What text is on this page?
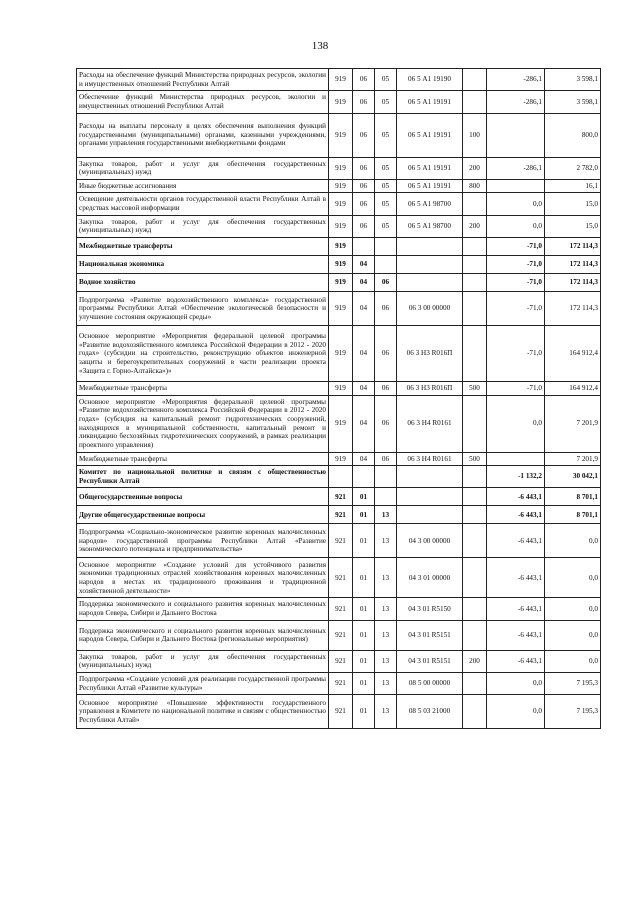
138
Расходы на обеспечение функций Министерства природных ресурсов, экологии и имущественных отношений Республики Алтай	919	06	05	06 5 А1 19190		-286,1	3 598,1
Обеспечение функций Министерства природных ресурсов, экологии и имущественных отношений Республики Алтай	919	06	05	06 5 А1 19191		-286,1	3 598,1
Расходы на выплаты персоналу в целях обеспечения выполнения функций государственными (муниципальными) органами, казенными учреждениями, органами управления государственными внебюджетными фондами	919	06	05	06 5 А1 19191	100		800,0
Закупка товаров, работ и услуг для обеспечения государственных (муниципальных) нужд	919	06	05	06 5 А1 19191	200	-286,1	2 782,0
Иные бюджетные ассигнования	919	06	05	06 5 А1 19191	800		16,1
Освещение деятельности органов государственной власти Республики Алтай в средствах массовой информации	919	06	05	06 5 А1 98700		0,0	15,0
Закупка товаров, работ и услуг для обеспечения государственных (муниципальных) нужд	919	06	05	06 5 А1 98700	200	0,0	15,0
Межбюджетные трансферты	919					-71,0	172 114,3
Национальная экономика	919	04				-71,0	172 114,3
Водное хозяйство	919	04	06			-71,0	172 114,3
Подпрограмма «Развитие водохозяйственного комплекса» государственной программы Республики Алтай «Обеспечение экологической безопасности и улучшение состояния окружающей среды»	919	04	06	06 3 00 00000		-71,0	172 114,3
Основное мероприятие «Мероприятия федеральной целевой программы «Развитие водохозяйственного комплекса Российской Федерации в 2012 - 2020 годах» (субсидии на строительство, реконструкцию объектов инженерной защиты и берегоукрепительных сооружений в части реализации проекта «Защита г. Горно-Алтайска»)»	919	04	06	06 3 Н3 R016П		-71,0	164 912,4
Межбюджетные трансферты	919	04	06	06 3 Н3 R016П	500	-71,0	164 912,4
Основное мероприятие «Мероприятия федеральной целевой программы «Развитие водохозяйственного комплекса Российской Федерации в 2012 - 2020 годах» (субсидия на капитальный ремонт гидротехнических сооружений, находящихся в муниципальной собственности, капитальный ремонт и ликвидацию бесхозяйных гидротехнических сооружений, в рамках реализации проектного управления)	919	04	06	06 3 Н4 R0161		0,0	7 201,9
Межбюджетные трансферты	919	04	06	06 3 Н4 R0161	500		7 201,9
Комитет по национальной политике и связям с общественностью Республики Алтай						-1 132,2	30 042,1
Общегосударственные вопросы	921	01				-6 443,1	8 701,1
Другие общегосударственные вопросы	921	01	13			-6 443,1	8 701,1
Подпрограмма «Социально-экономическое развитие коренных малочисленных народов» государственной программы Республики Алтай «Развитие экономического потенциала и предпринимательства»	921	01	13	04 3 00 00000		-6 443,1	0,0
Основное мероприятие «Создание условий для устойчивого развития экономики традиционных отраслей хозяйствования коренных малочисленных народов в местах их традиционного проживания и традиционной хозяйственной деятельности»	921	01	13	04 3 01 00000		-6 443,1	0,0
Поддержка экономического и социального развития коренных малочисленных народов Севера, Сибири и Дальнего Востока	921	01	13	04 3 01 R5150		-6 443,1	0,0
Поддержка экономического и социального развития коренных малочисленных народов Севера, Сибири и Дальнего Востока (региональные мероприятия)	921	01	13	04 3 01 R5151		-6 443,1	0,0
Закупка товаров, работ и услуг для обеспечения государственных (муниципальных) нужд	921	01	13	04 3 01 R5151	200	-6 443,1	0,0
Подпрограмма «Создание условий для реализации государственной программы Республики Алтай «Развитие культуры»	921	01	13	08 5 00 00000		0,0	7 195,3
Основное мероприятие «Повышение эффективности государственного управления в Комитете по национальной политике и связям с общественностью Республики Алтай»	921	01	13	08 5 03 21000		0,0	7 195,3
